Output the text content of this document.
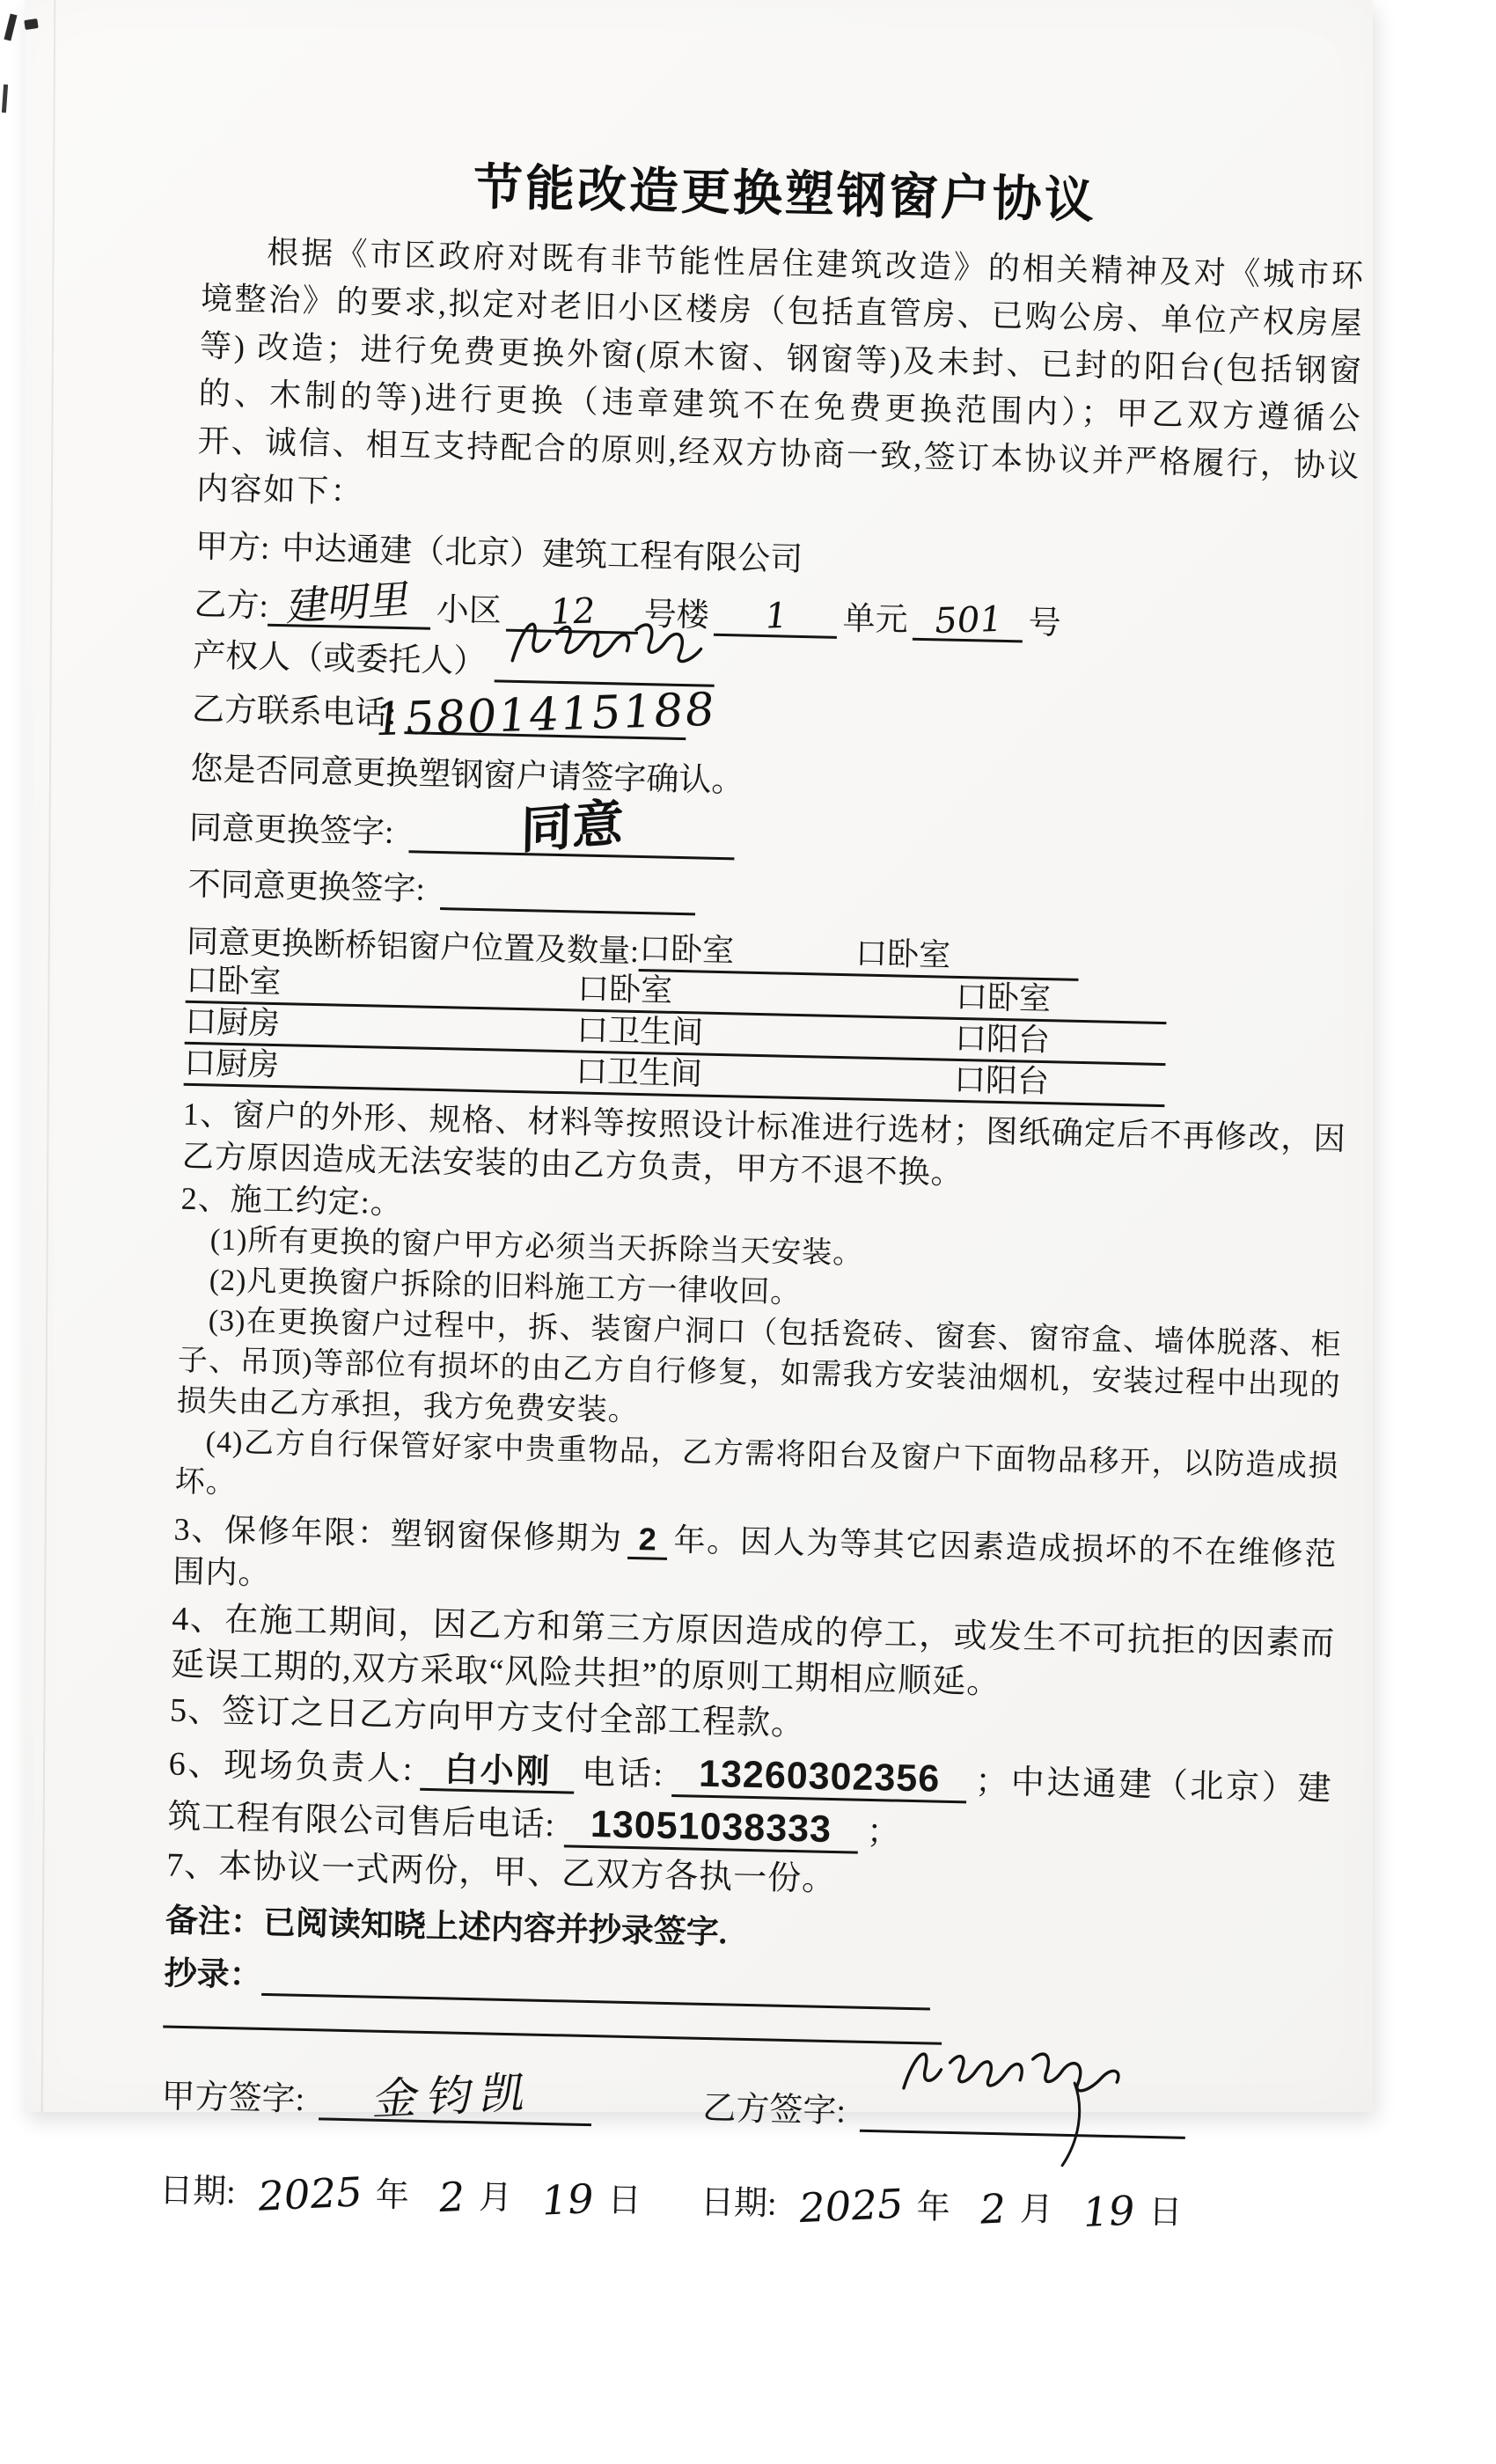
节能改造更换塑钢窗户协议

根据《市区政府对既有非节能性居住建筑改造》的相关精神及对《城市环境整治》的要求,拟定对老旧小区楼房（包括直管房、已购公房、单位产权房屋等) 改造；进行免费更换外窗(原木窗、钢窗等)及未封、已封的阳台(包括钢窗的、木制的等)进行更换（违章建筑不在免费更换范围内）；甲乙双方遵循公开、诚信、相互支持配合的原则,经双方协商一致,签订本协议并严格履行，协议内容如下：

甲方: 中达通建（北京）建筑工程有限公司
乙方: 建明里 小区 12 号楼 1 单元 501 号
产权人（或委托人）
乙方联系电话:
15801415188
您是否同意更换塑钢窗户请签字确认。
同意更换签字: 同意
不同意更换签字:
同意更换断桥铝窗户位置及数量: 口卧室	口卧室
口卧室	口卧室	口卧室
口厨房	口卫生间	口阳台
口厨房	口卫生间	口阳台

1、窗户的外形、规格、材料等按照设计标准进行选材；图纸确定后不再修改，因乙方原因造成无法安装的由乙方负责，甲方不退不换。

2、施工约定:。

(1)所有更换的窗户甲方必须当天拆除当天安装。

(2)凡更换窗户拆除的旧料施工方一律收回。

(3)在更换窗户过程中，拆、装窗户洞口（包括瓷砖、窗套、窗帘盒、墙体脱落、柜子、吊顶)等部位有损坏的由乙方自行修复，如需我方安装油烟机，安装过程中出现的损失由乙方承担，我方免费安装。

(4)乙方自行保管好家中贵重物品，乙方需将阳台及窗户下面物品移开，以防造成损坏。

3、保修年限：塑钢窗保修期为 2 年。因人为等其它因素造成损坏的不在维修范围内。

4、在施工期间，因乙方和第三方原因造成的停工，或发生不可抗拒的因素而延误工期的,双方采取“风险共担”的原则工期相应顺延。

5、签订之日乙方向甲方支付全部工程款。

6、现场负责人: 白小刚 电话: 13260302356 ；中达通建（北京）建筑工程有限公司售后电话: 13051038333 ；

7、本协议一式两份，甲、乙双方各执一份。

备注：已阅读知晓上述内容并抄录签字.
抄录：
甲方签字: 金钧凯	乙方签字:
日期: 2025 年 2 月 19 日 日期: 2025 年 2 月 19 日
